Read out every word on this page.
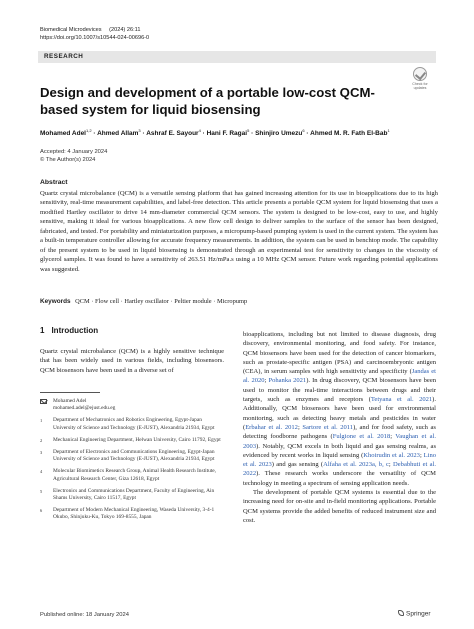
Biomedical Microdevices (2024) 26:11
https://doi.org/10.1007/s10544-024-00696-0
RESEARCH
Check for updates
Design and development of a portable low-cost QCM-based system for liquid biosensing
Mohamed Adel$^{1,2}$ · Ahmed Allam$^3$ · Ashraf E. Sayour$^4$ · Hani F. Ragai$^5$ · Shinjiro Umezu$^6$ · Ahmed M. R. Fath El-Bab$^1$
Accepted: 4 January 2024
© The Author(s) 2024
Abstract
Quartz crystal microbalance (QCM) is a versatile sensing platform that has gained increasing attention for its use in bioapplications due to its high sensitivity, real-time measurement capabilities, and label-free detection. This article presents a portable QCM system for liquid biosensing that uses a modified Hartley oscillator to drive 14 mm-diameter commercial QCM sensors. The system is designed to be low-cost, easy to use, and highly sensitive, making it ideal for various bioapplications. A new flow cell design to deliver samples to the surface of the sensor has been designed, fabricated, and tested. For portability and miniaturization purposes, a micropump-based pumping system is used in the current system. The system has a built-in temperature controller allowing for accurate frequency measurements. In addition, the system can be used in benchtop mode. The capability of the present system to be used in liquid biosensing is demonstrated through an experimental test for sensitivity to changes in the viscosity of glycerol samples. It was found to have a sensitivity of 263.51 Hz/mPa.s using a 10 MHz QCM sensor. Future work regarding potential applications was suggested.
Keywords QCM · Flow cell · Hartley oscillator · Peltier module · Micropump
1 Introduction
Quartz crystal microbalance (QCM) is a highly sensitive technique that has been widely used in various fields, including biosensors. QCM biosensors have been used in a diverse set of
Mohamed Adel
mohamed.adel@ejust.edu.eg
1	Department of Mechatronics and Robotics Engineering, Egypt-Japan University of Science and Technology (E-JUST), Alexandria 21934, Egypt
2	Mechanical Engineering Department, Helwan University, Cairo 11792, Egypt
3	Department of Electronics and Communications Engineering, Egypt-Japan University of Science and Technology (E-JUST), Alexandria 21934, Egypt
4	Molecular Biomimetics Research Group, Animal Health Research Institute, Agricultural Research Center, Giza 12618, Egypt
5	Electronics and Communications Department, Faculty of Engineering, Ain Shams University, Cairo 11517, Egypt
6	Department of Modern Mechanical Engineering, Waseda University, 3-4-1 Okubo, Shinjuku-Ku, Tokyo 169-8555, Japan

bioapplications, including but not limited to disease diagnosis, drug discovery, environmental monitoring, and food safety. For instance, QCM biosensors have been used for the detection of cancer biomarkers, such as prostate-specific antigen (PSA) and carcinoembryonic antigen (CEA), in serum samples with high sensitivity and specificity (Jandas et al. 2020; Pohanka 2021). In drug discovery, QCM biosensors have been used to monitor the real-time interactions between drugs and their targets, such as enzymes and receptors (Tetyana et al. 2021). Additionally, QCM biosensors have been used for environmental monitoring, such as detecting heavy metals and pesticides in water (Erbahar et al. 2012; Sartore et al. 2011), and for food safety, such as detecting foodborne pathogens (Fulgione et al. 2018; Vaughan et al. 2003). Notably, QCM excels in both liquid and gas sensing realms, as evidenced by recent works in liquid sensing (Khoirudin et al. 2023; Lino et al. 2023) and gas sensing (Alfaha et al. 2023a, b, c; Debabhuti et al. 2022). These research works underscore the versatility of QCM technology in meeting a spectrum of sensing application needs.

The development of portable QCM systems is essential due to the increasing need for on-site and in-field monitoring applications. Portable QCM systems provide the added benefits of reduced instrument size and cost.

Published online: 18 January 2024	Springer
